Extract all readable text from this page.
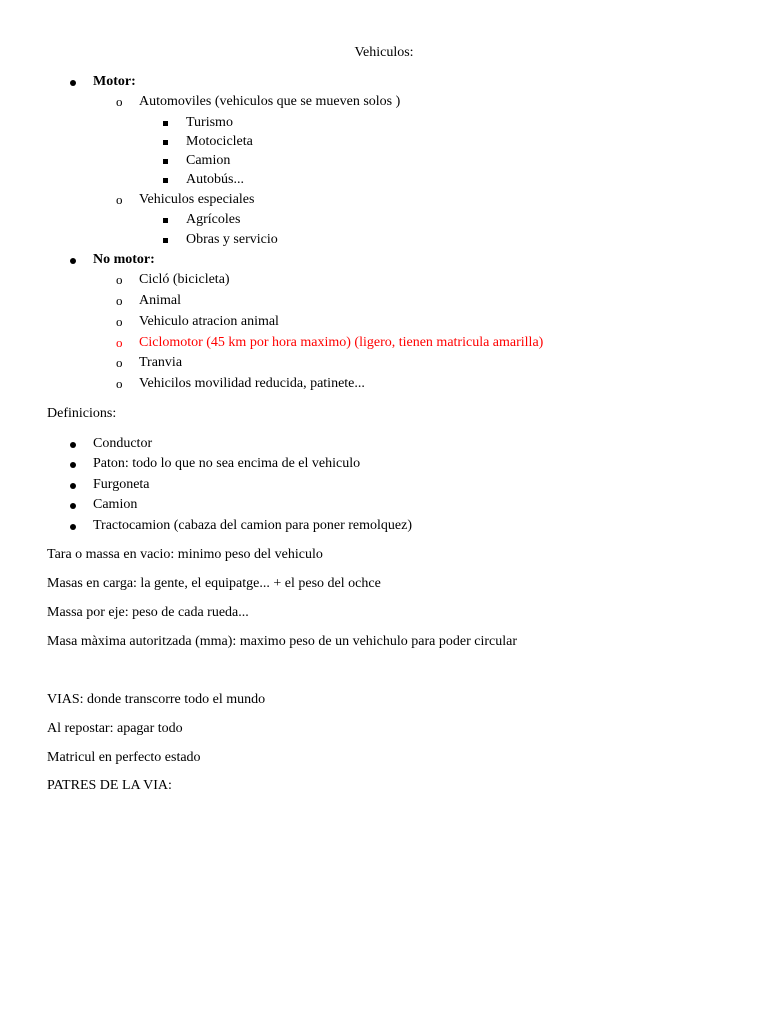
Vehiculos:
Motor:
o Automoviles (vehiculos que se mueven solos )
Turismo
Motocicleta
Camion
Autobús...
o Vehiculos especiales
Agrícoles
Obras y servicio
No motor:
o Cicló (bicicleta)
o Animal
o Vehiculo atracion animal
o Ciclomotor (45 km por hora maximo) (ligero, tienen matricula amarilla)
o Tranvia
o Vehicilos movilidad reducida, patinete...
Definicions:
Conductor
Paton: todo lo que no sea encima de el vehiculo
Furgoneta
Camion
Tractocamion (cabaza del camion para poner remolquez)
Tara o massa en vacio: minimo peso del vehiculo
Masas en carga: la gente, el equipatge... + el peso del ochce
Massa por eje: peso de cada rueda...
Masa màxima autoritzada (mma): maximo peso de un vehichulo para poder circular
VIAS: donde transcorre todo el mundo
Al repostar: apagar todo
Matricul en perfecto estado
PATRES DE LA VIA:
